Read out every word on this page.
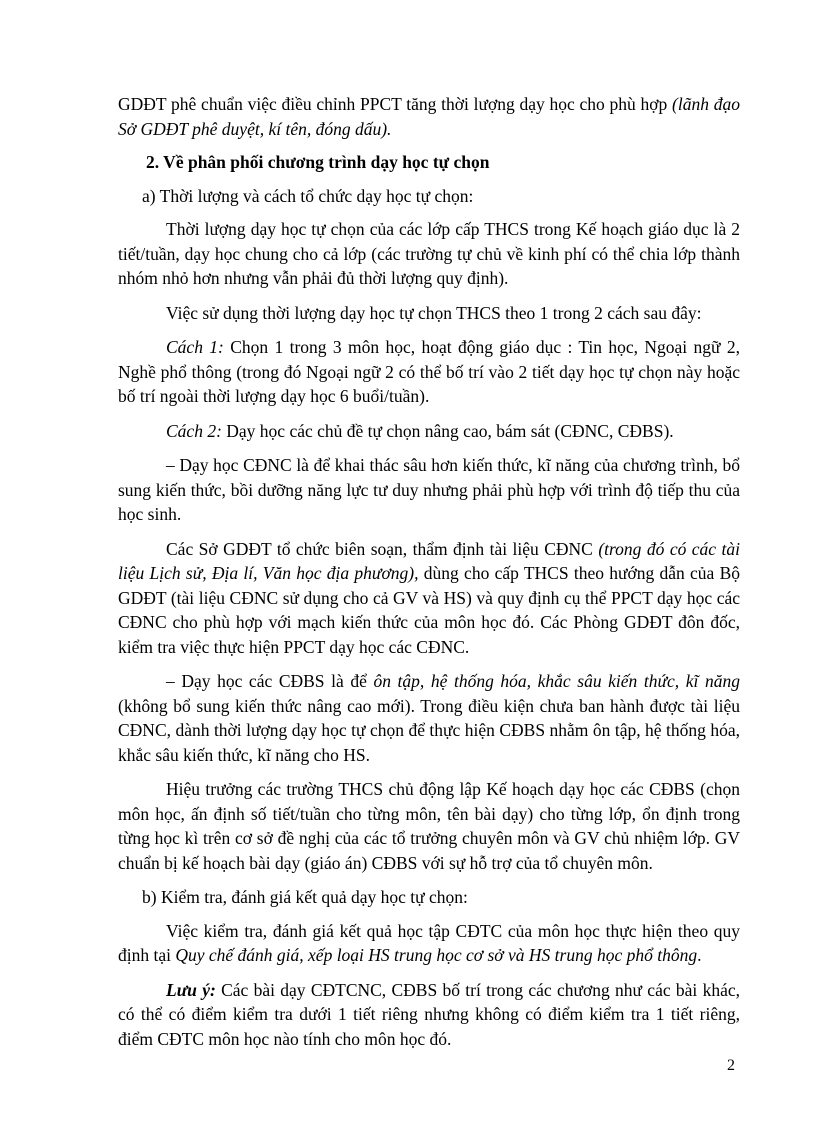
GDĐT phê chuẩn việc điều chỉnh PPCT tăng thời lượng dạy học cho phù hợp (lãnh đạo Sở GDĐT phê duyệt, kí tên, đóng dấu).

2. Về phân phối chương trình dạy học tự chọn

a) Thời lượng và cách tổ chức dạy học tự chọn:

Thời lượng dạy học tự chọn của các lớp cấp THCS trong Kế hoạch giáo dục là 2 tiết/tuần, dạy học chung cho cả lớp (các trường tự chủ về kinh phí có thể chia lớp thành nhóm nhỏ hơn nhưng vẫn phải đủ thời lượng quy định).

Việc sử dụng thời lượng dạy học tự chọn THCS theo 1 trong 2 cách sau đây:

Cách 1: Chọn 1 trong 3 môn học, hoạt động giáo dục : Tin học, Ngoại ngữ 2, Nghề phổ thông (trong đó Ngoại ngữ 2 có thể bố trí vào 2 tiết dạy học tự chọn này hoặc bố trí ngoài thời lượng dạy học 6 buổi/tuần).

Cách 2: Dạy học các chủ đề tự chọn nâng cao, bám sát (CĐNC, CĐBS).

– Dạy học CĐNC là để khai thác sâu hơn kiến thức, kĩ năng của chương trình, bổ sung kiến thức, bồi dưỡng năng lực tư duy nhưng phải phù hợp với trình độ tiếp thu của học sinh.

Các Sở GDĐT tổ chức biên soạn, thẩm định tài liệu CĐNC (trong đó có các tài liệu Lịch sử, Địa lí, Văn học địa phương), dùng cho cấp THCS theo hướng dẫn của Bộ GDĐT (tài liệu CĐNC sử dụng cho cả GV và HS) và quy định cụ thể PPCT dạy học các CĐNC cho phù hợp với mạch kiến thức của môn học đó. Các Phòng GDĐT đôn đốc, kiểm tra việc thực hiện PPCT dạy học các CĐNC.

– Dạy học các CĐBS là để ôn tập, hệ thống hóa, khắc sâu kiến thức, kĩ năng (không bổ sung kiến thức nâng cao mới). Trong điều kiện chưa ban hành được tài liệu CĐNC, dành thời lượng dạy học tự chọn để thực hiện CĐBS nhằm ôn tập, hệ thống hóa, khắc sâu kiến thức, kĩ năng cho HS.

Hiệu trưởng các trường THCS chủ động lập Kế hoạch dạy học các CĐBS (chọn môn học, ấn định số tiết/tuần cho từng môn, tên bài dạy) cho từng lớp, ổn định trong từng học kì trên cơ sở đề nghị của các tổ trưởng chuyên môn và GV chủ nhiệm lớp. GV chuẩn bị kế hoạch bài dạy (giáo án) CĐBS với sự hỗ trợ của tổ chuyên môn.

b) Kiểm tra, đánh giá kết quả dạy học tự chọn:

Việc kiểm tra, đánh giá kết quả học tập CĐTC của môn học thực hiện theo quy định tại Quy chế đánh giá, xếp loại HS trung học cơ sở và HS trung học phổ thông.

Lưu ý: Các bài dạy CĐTCNC, CĐBS bố trí trong các chương như các bài khác, có thể có điểm kiểm tra dưới 1 tiết riêng nhưng không có điểm kiểm tra 1 tiết riêng, điểm CĐTC môn học nào tính cho môn học đó.

2
